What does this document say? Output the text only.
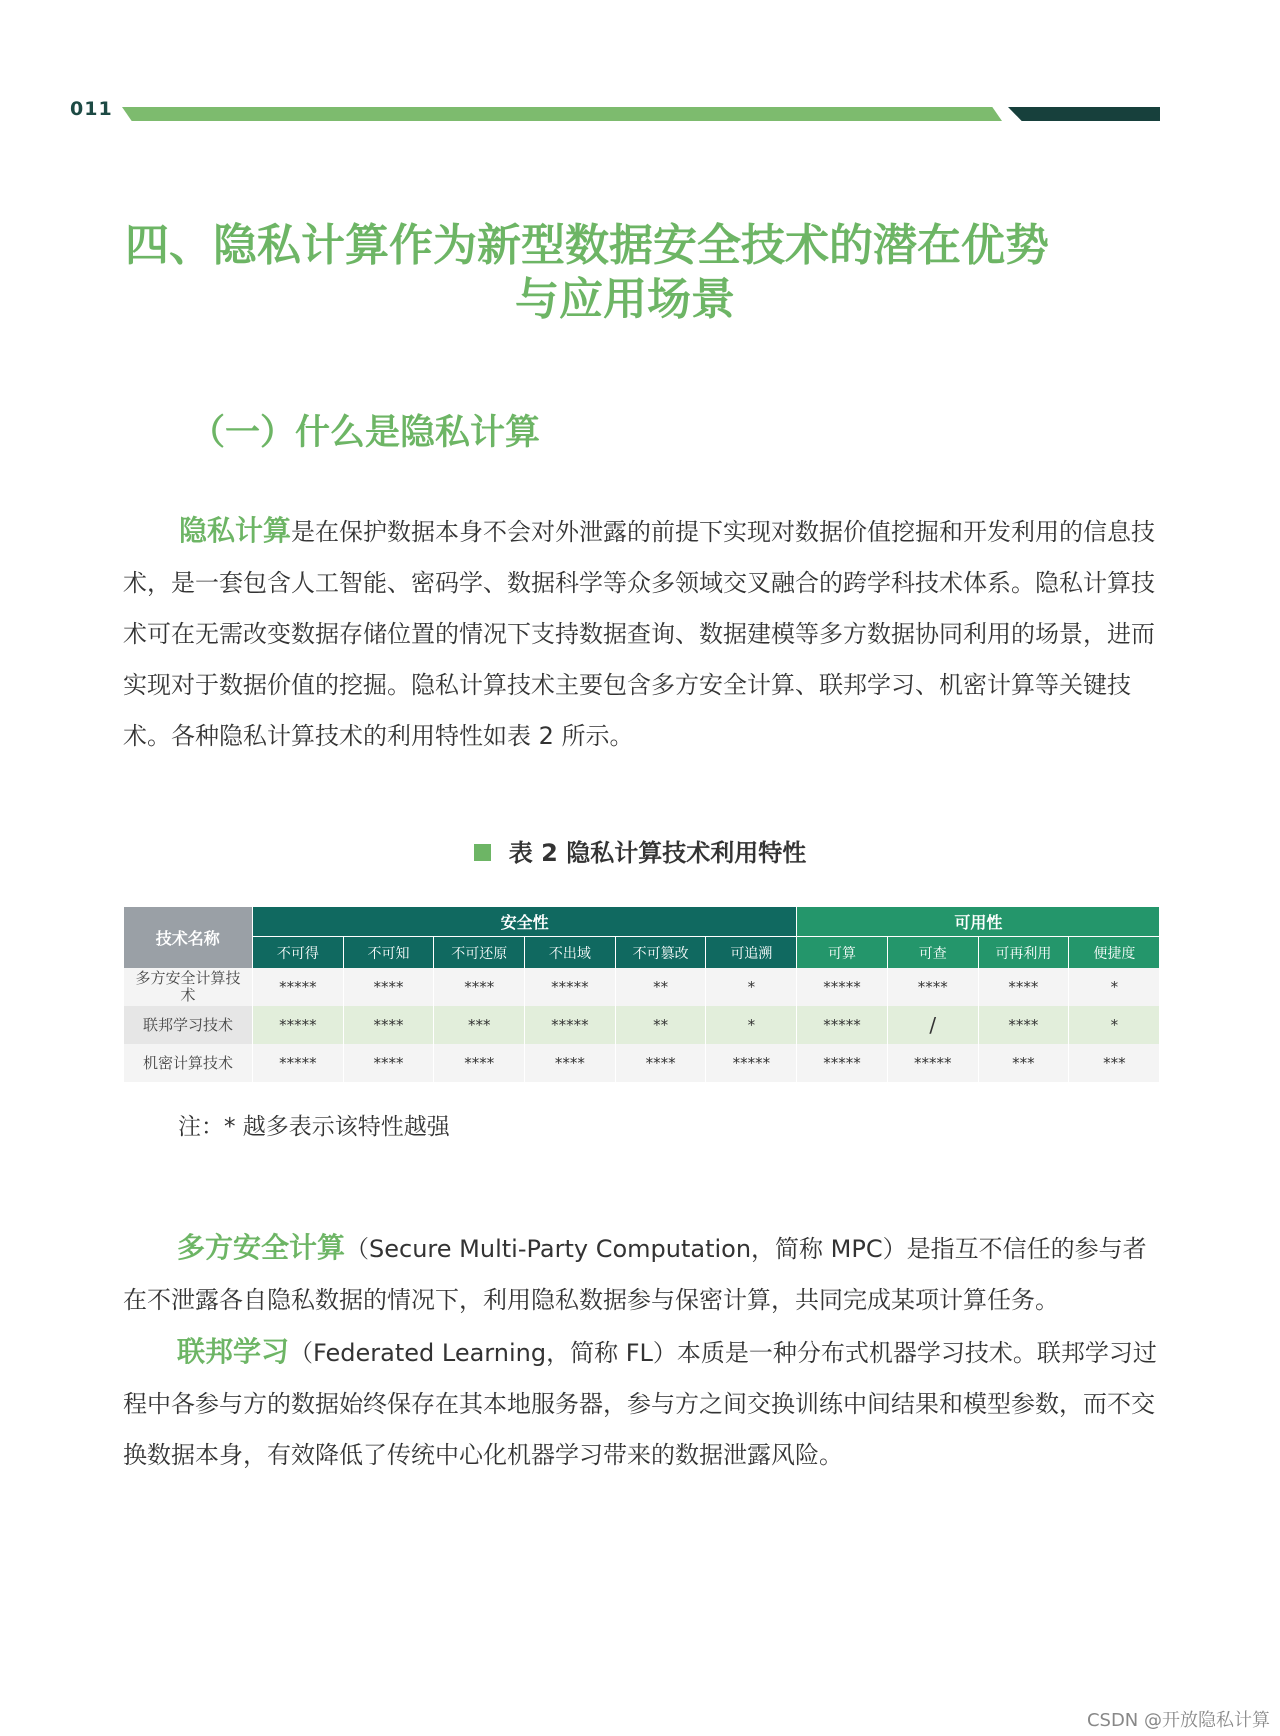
011
四、隐私计算作为新型数据安全技术的潜在优势
与应用场景
（一）什么是隐私计算

隐私计算是在保护数据本身不会对外泄露的前提下实现对数据价值挖掘和开发利用的信息技术，是一套包含人工智能、密码学、数据科学等众多领域交叉融合的跨学科技术体系。隐私计算技术可在无需改变数据存储位置的情况下支持数据查询、数据建模等多方数据协同利用的场景，进而实现对于数据价值的挖掘。隐私计算技术主要包含多方安全计算、联邦学习、机密计算等关键技术。各种隐私计算技术的利用特性如表 2 所示。

表 2 隐私计算技术利用特性
技术名称	安全性						可用性			
	不可得	不可知	不可还原	不出域	不可篡改	可追溯	可算	可查	可再利用	便捷度
多方安全计算技术	*****	****	****	*****	**	*	*****	****	****	*
联邦学习技术	*****	****	***	*****	**	*	*****	/	****	*
机密计算技术	*****	****	****	****	****	*****	*****	*****	***	***
注：* 越多表示该特性越强

多方安全计算（Secure Multi-Party Computation，简称 MPC）是指互不信任的参与者在不泄露各自隐私数据的情况下，利用隐私数据参与保密计算，共同完成某项计算任务。

联邦学习（Federated Learning，简称 FL）本质是一种分布式机器学习技术。联邦学习过程中各参与方的数据始终保存在其本地服务器，参与方之间交换训练中间结果和模型参数，而不交换数据本身，有效降低了传统中心化机器学习带来的数据泄露风险。

CSDN @开放隐私计算
